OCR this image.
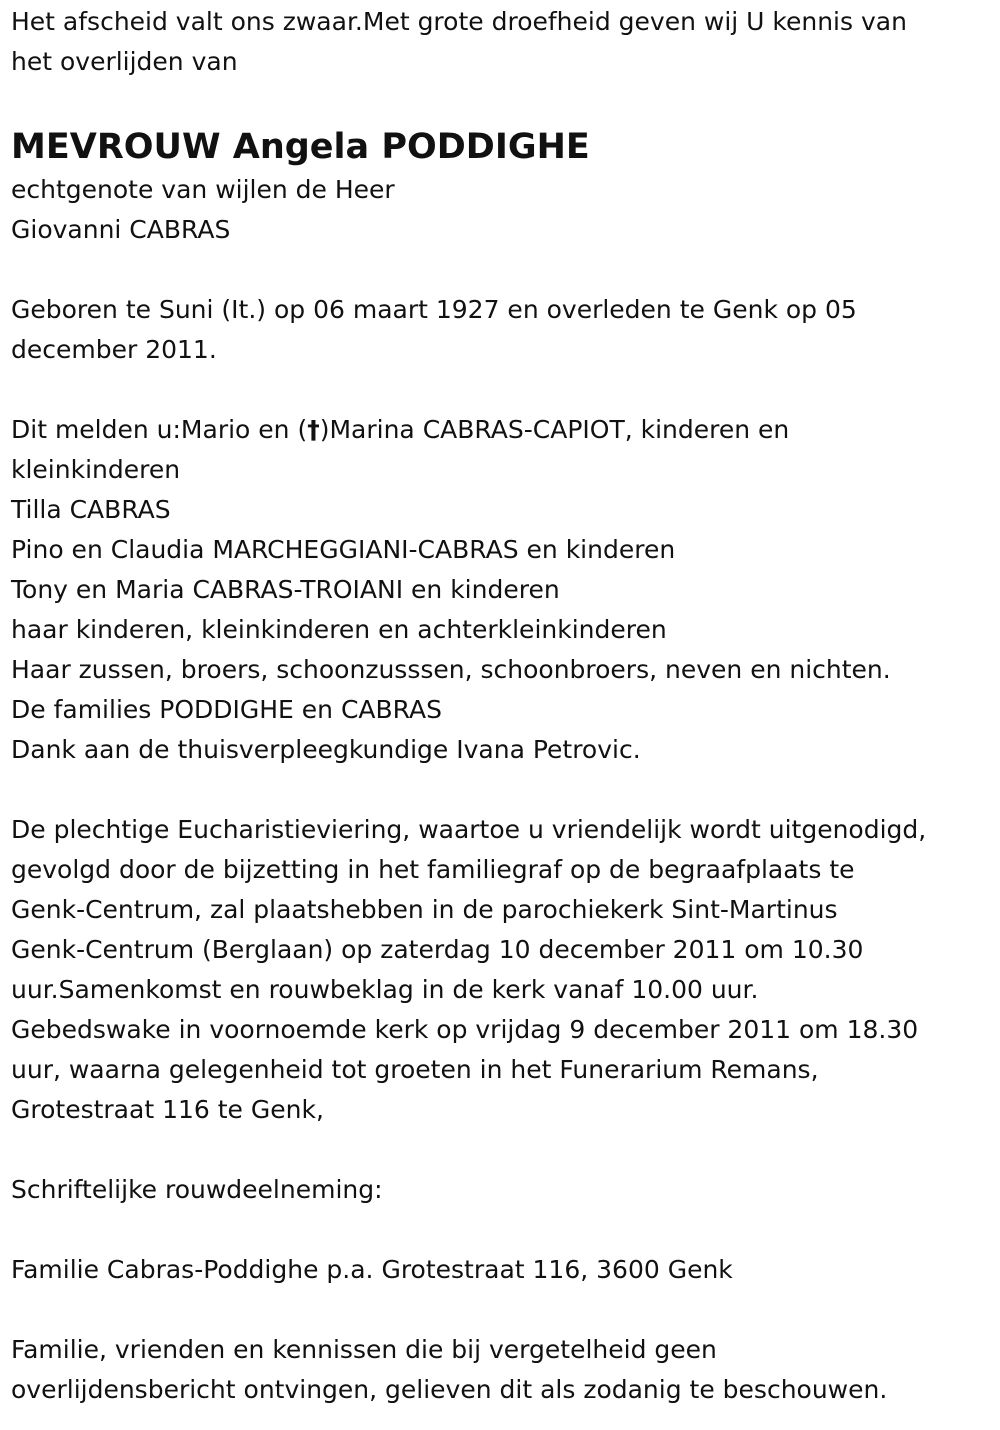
Het afscheid valt ons zwaar.Met grote droefheid geven wij U kennis van
het overlijden van
MEVROUW Angela PODDIGHE
echtgenote van wijlen de Heer
Giovanni CABRAS
Geboren te Suni (It.) op 06 maart 1927 en overleden te Genk op 05
december 2011.
Dit melden u:Mario en (†)Marina CABRAS-CAPIOT, kinderen en
kleinkinderen
Tilla CABRAS
Pino en Claudia MARCHEGGIANI-CABRAS en kinderen
Tony en Maria CABRAS-TROIANI en kinderen
haar kinderen, kleinkinderen en achterkleinkinderen
Haar zussen, broers, schoonzusssen, schoonbroers, neven en nichten.
De families PODDIGHE en CABRAS
Dank aan de thuisverpleegkundige Ivana Petrovic.
De plechtige Eucharistieviering, waartoe u vriendelijk wordt uitgenodigd,
gevolgd door de bijzetting in het familiegraf op de begraafplaats te
Genk-Centrum, zal plaatshebben in de parochiekerk Sint-Martinus
Genk-Centrum (Berglaan) op zaterdag 10 december 2011 om 10.30
uur.Samenkomst en rouwbeklag in de kerk vanaf 10.00 uur.
Gebedswake in voornoemde kerk op vrijdag 9 december 2011 om 18.30
uur, waarna gelegenheid tot groeten in het Funerarium Remans,
Grotestraat 116 te Genk,
Schriftelijke rouwdeelneming:
Familie Cabras-Poddighe p.a. Grotestraat 116, 3600 Genk
Familie, vrienden en kennissen die bij vergetelheid geen
overlijdensbericht ontvingen, gelieven dit als zodanig te beschouwen.
